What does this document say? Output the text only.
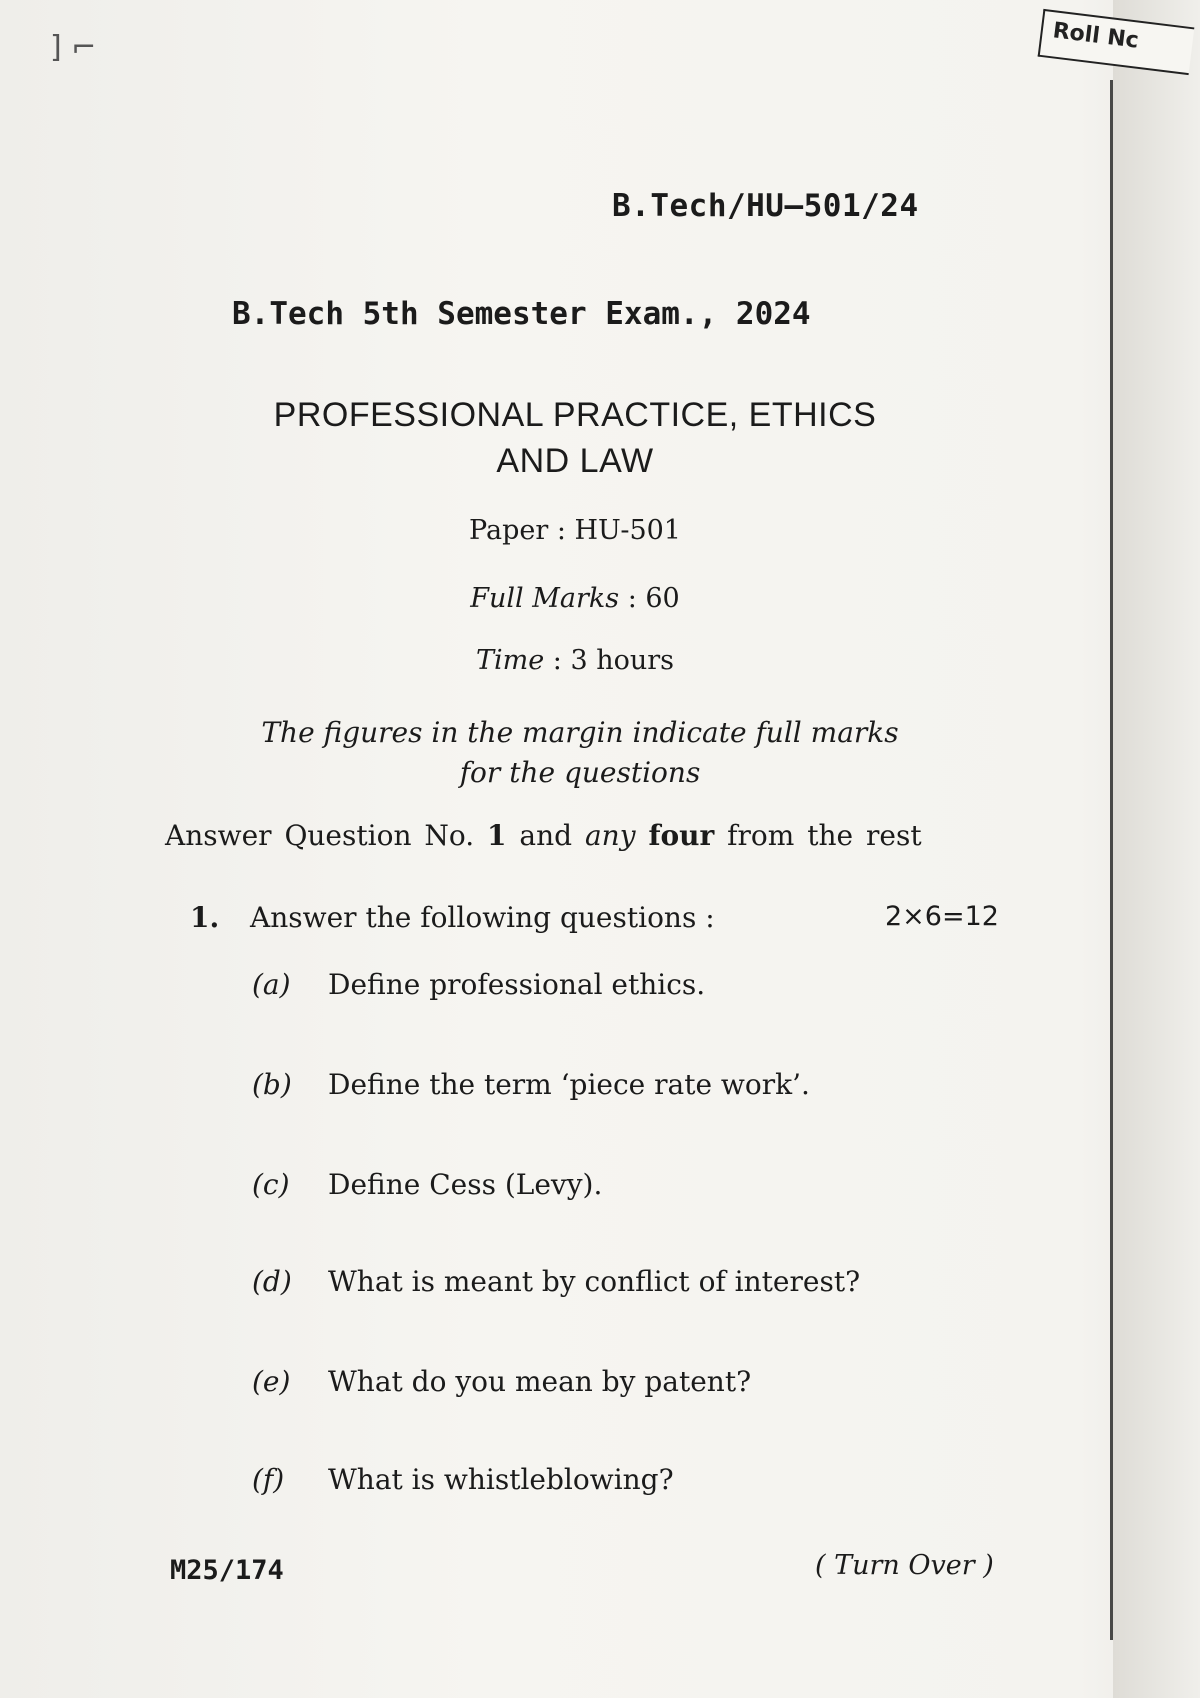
] ⌐	Roll Nc
B.Tech/HU–501/24
B.Tech 5th Semester Exam., 2024
PROFESSIONAL PRACTICE, ETHICS
AND LAW
Paper : HU-501
Full Marks : 60
Time : 3 hours
The figures in the margin indicate full marks
for the questions
Answer Question No. 1 and any four from the rest
1. Answer the following questions :	2×6=12
(a) Define professional ethics.
(b) Define the term ‘piece rate work’.
(c) Define Cess (Levy).
(d) What is meant by conflict of interest?
(e) What do you mean by patent?
(f) What is whistleblowing?
M25/174	( Turn Over )
